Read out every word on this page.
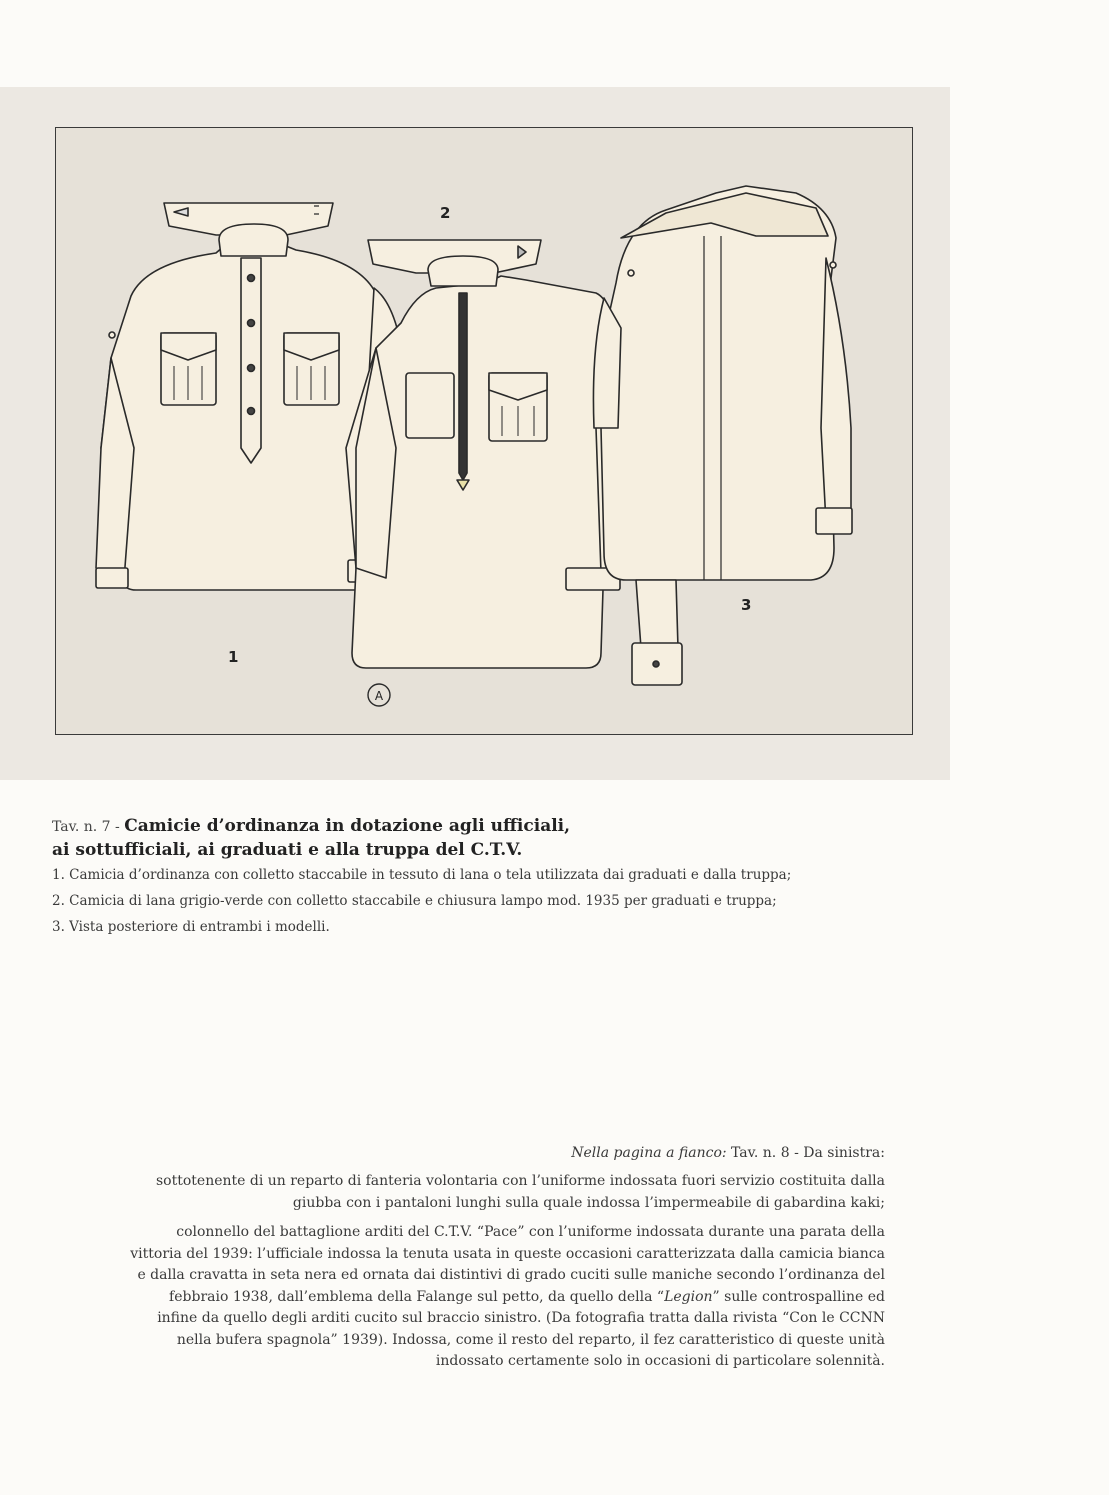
A
1
2
3
Tav. n. 7 - Camicie d’ordinanza in dotazione agli ufficiali,
ai sottufficiali, ai graduati e alla truppa del C.T.V.
1. Camicia d’ordinanza con colletto staccabile in tessuto di lana o tela utilizzata dai graduati e dalla truppa;
2. Camicia di lana grigio-verde con colletto staccabile e chiusura lampo mod. 1935 per graduati e truppa;
3. Vista posteriore di entrambi i modelli.
Nella pagina a fianco: Tav. n. 8 - Da sinistra:
sottotenente di un reparto di fanteria volontaria con l’uniforme indossata fuori servizio costituita dalla
giubba con i pantaloni lunghi sulla quale indossa l’impermeabile di gabardina kaki;
colonnello del battaglione arditi del C.T.V. “Pace” con l’uniforme indossata durante una parata della
vittoria del 1939: l’ufficiale indossa la tenuta usata in queste occasioni caratterizzata dalla camicia bianca
e dalla cravatta in seta nera ed ornata dai distintivi di grado cuciti sulle maniche secondo l’ordinanza del
febbraio 1938, dall’emblema della Falange sul petto, da quello della “Legion” sulle controspalline ed
infine da quello degli arditi cucito sul braccio sinistro. (Da fotografia tratta dalla rivista “Con le CCNN
nella bufera spagnola” 1939). Indossa, come il resto del reparto, il fez caratteristico di queste unità
indossato certamente solo in occasioni di particolare solennità.
